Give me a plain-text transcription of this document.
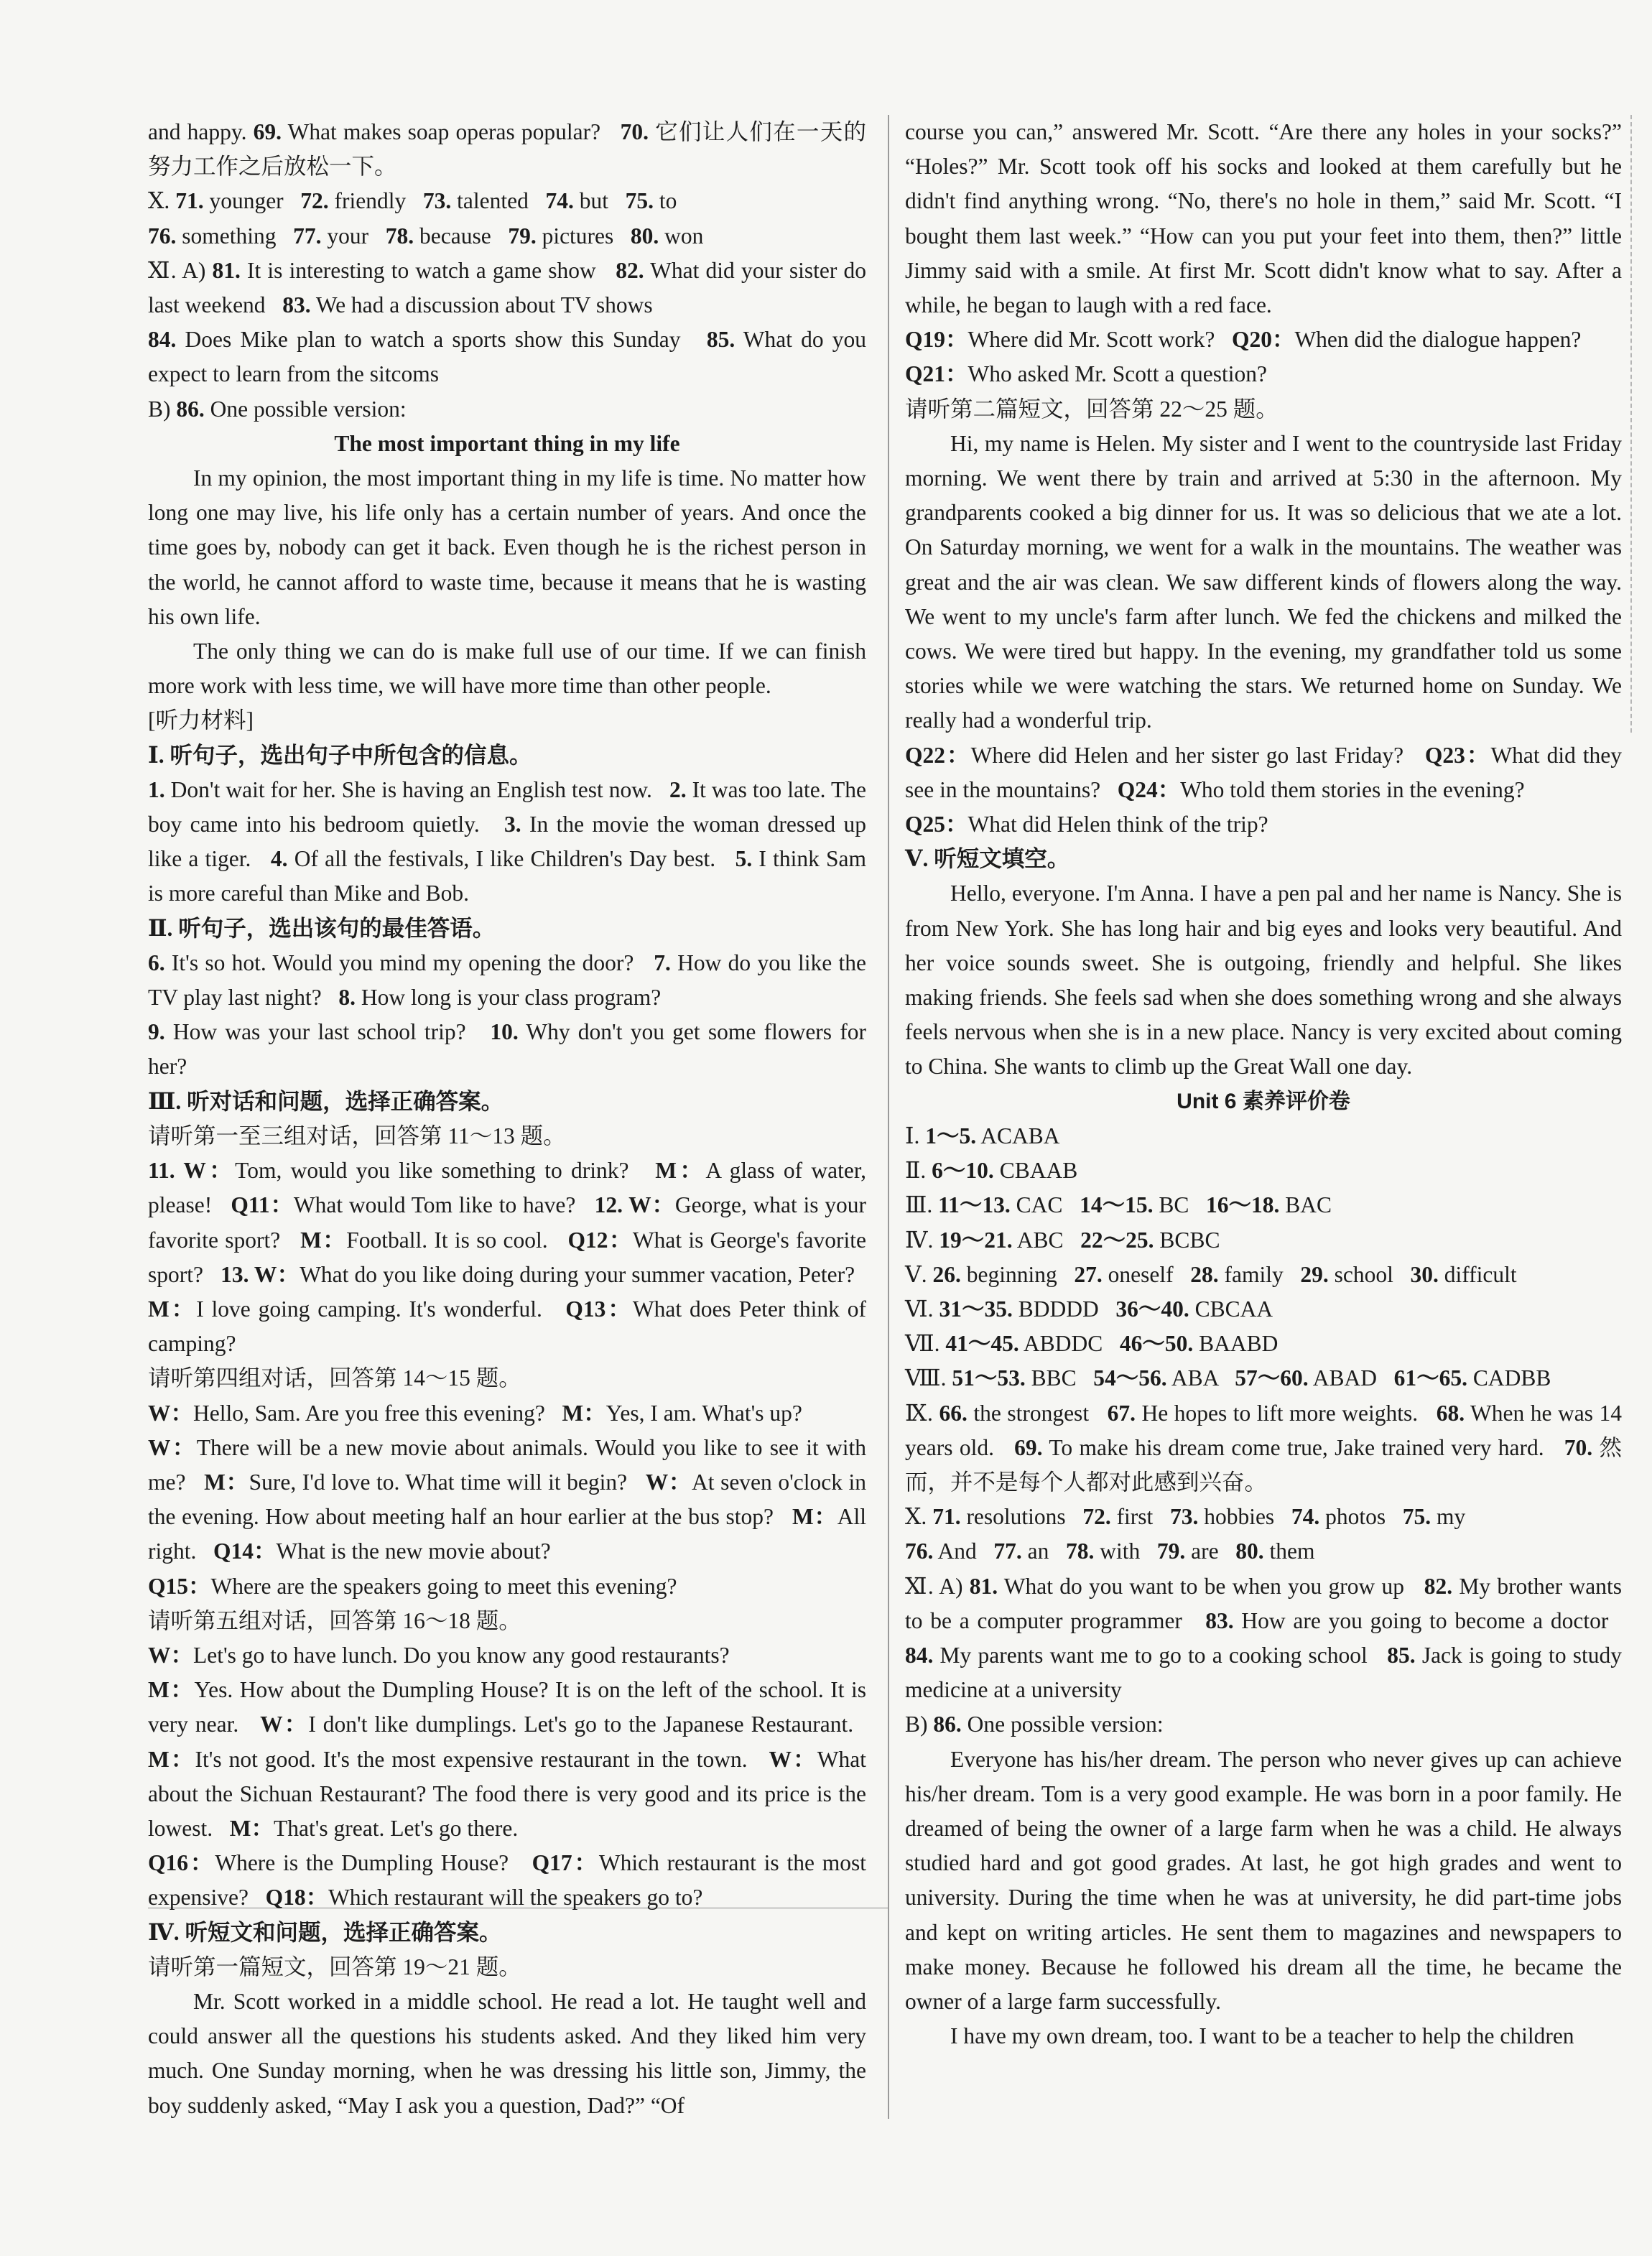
and happy. 69. What makes soap operas popular?   70. 它们让人们在一天的努力工作之后放松一下。

Ⅹ. 71. younger   72. friendly   73. talented   74. but   75. to

76. something   77. your   78. because   79. pictures   80. won

Ⅺ. A) 81. It is interesting to watch a game show   82. What did your sister do last weekend   83. We had a discussion about TV shows

84. Does Mike plan to watch a sports show this Sunday   85. What do you expect to learn from the sitcoms

B) 86. One possible version:

The most important thing in my life

In my opinion, the most important thing in my life is time. No matter how long one may live, his life only has a certain number of years. And once the time goes by, nobody can get it back. Even though he is the richest person in the world, he cannot afford to waste time, because it means that he is wasting his own life.

The only thing we can do is make full use of our time. If we can finish more work with less time, we will have more time than other people.

[听力材料]

Ⅰ. 听句子，选出句子中所包含的信息。

1. Don't wait for her. She is having an English test now.   2. It was too late. The boy came into his bedroom quietly.   3. In the movie the woman dressed up like a tiger.   4. Of all the festivals, I like Children's Day best.   5. I think Sam is more careful than Mike and Bob.

Ⅱ. 听句子，选出该句的最佳答语。

6. It's so hot. Would you mind my opening the door?   7. How do you like the TV play last night?   8. How long is your class program?

9. How was your last school trip?   10. Why don't you get some flowers for her?

Ⅲ. 听对话和问题，选择正确答案。

请听第一至三组对话，回答第 11～13 题。

11. W：Tom, would you like something to drink?   M：A glass of water, please!   Q11：What would Tom like to have?   12. W：George, what is your favorite sport?   M：Football. It is so cool.   Q12：What is George's favorite sport?   13. W：What do you like doing during your summer vacation, Peter?   M：I love going camping. It's wonderful.   Q13：What does Peter think of camping?

请听第四组对话，回答第 14～15 题。

W：Hello, Sam. Are you free this evening?   M：Yes, I am. What's up?

W：There will be a new movie about animals. Would you like to see it with me?   M：Sure, I'd love to. What time will it begin?   W：At seven o'clock in the evening. How about meeting half an hour earlier at the bus stop?   M：All right.   Q14：What is the new movie about?

Q15：Where are the speakers going to meet this evening?

请听第五组对话，回答第 16～18 题。

W：Let's go to have lunch. Do you know any good restaurants?

M：Yes. How about the Dumpling House? It is on the left of the school. It is very near.   W：I don't like dumplings. Let's go to the Japanese Restaurant.   M：It's not good. It's the most expensive restaurant in the town.   W：What about the Sichuan Restaurant? The food there is very good and its price is the lowest.   M：That's great. Let's go there.

Q16：Where is the Dumpling House?   Q17：Which restaurant is the most expensive?   Q18：Which restaurant will the speakers go to?

Ⅳ. 听短文和问题，选择正确答案。

请听第一篇短文，回答第 19～21 题。

Mr. Scott worked in a middle school. He read a lot. He taught well and could answer all the questions his students asked. And they liked him very much. One Sunday morning, when he was dressing his little son, Jimmy, the boy suddenly asked, “May I ask you a question, Dad?” “Of

course you can,” answered Mr. Scott. “Are there any holes in your socks?” “Holes?” Mr. Scott took off his socks and looked at them carefully but he didn't find anything wrong. “No, there's no hole in them,” said Mr. Scott. “I bought them last week.” “How can you put your feet into them, then?” little Jimmy said with a smile. At first Mr. Scott didn't know what to say. After a while, he began to laugh with a red face.

Q19：Where did Mr. Scott work?   Q20：When did the dialogue happen?

Q21：Who asked Mr. Scott a question?

请听第二篇短文，回答第 22～25 题。

Hi, my name is Helen. My sister and I went to the countryside last Friday morning. We went there by train and arrived at 5:30 in the afternoon. My grandparents cooked a big dinner for us. It was so delicious that we ate a lot. On Saturday morning, we went for a walk in the mountains. The weather was great and the air was clean. We saw different kinds of flowers along the way. We went to my uncle's farm after lunch. We fed the chickens and milked the cows. We were tired but happy. In the evening, my grandfather told us some stories while we were watching the stars. We returned home on Sunday. We really had a wonderful trip.

Q22：Where did Helen and her sister go last Friday?   Q23：What did they see in the mountains?   Q24：Who told them stories in the evening?

Q25：What did Helen think of the trip?

Ⅴ. 听短文填空。

Hello, everyone. I'm Anna. I have a pen pal and her name is Nancy. She is from New York. She has long hair and big eyes and looks very beautiful. And her voice sounds sweet. She is outgoing, friendly and helpful. She likes making friends. She feels sad when she does something wrong and she always feels nervous when she is in a new place. Nancy is very excited about coming to China. She wants to climb up the Great Wall one day.

Unit 6 素养评价卷

Ⅰ. 1～5. ACABA

Ⅱ. 6～10. CBAAB

Ⅲ. 11～13. CAC   14～15. BC   16～18. BAC

Ⅳ. 19～21. ABC   22～25. BCBC

Ⅴ. 26. beginning   27. oneself   28. family   29. school   30. difficult

Ⅵ. 31～35. BDDDD   36～40. CBCAA

Ⅶ. 41～45. ABDDC   46～50. BAABD

Ⅷ. 51～53. BBC   54～56. ABA   57～60. ABAD   61～65. CADBB

Ⅸ. 66. the strongest   67. He hopes to lift more weights.   68. When he was 14 years old.   69. To make his dream come true, Jake trained very hard.   70. 然而，并不是每个人都对此感到兴奋。

Ⅹ. 71. resolutions   72. first   73. hobbies   74. photos   75. my

76. And   77. an   78. with   79. are   80. them

Ⅺ. A) 81. What do you want to be when you grow up   82. My brother wants to be a computer programmer   83. How are you going to become a doctor   84. My parents want me to go to a cooking school   85. Jack is going to study medicine at a university

B) 86. One possible version:

Everyone has his/her dream. The person who never gives up can achieve his/her dream. Tom is a very good example. He was born in a poor family. He dreamed of being the owner of a large farm when he was a child. He always studied hard and got good grades. At last, he got high grades and went to university. During the time when he was at university, he did part-time jobs and kept on writing articles. He sent them to magazines and newspapers to make money. Because he followed his dream all the time, he became the owner of a large farm successfully.

I have my own dream, too. I want to be a teacher to help the children
